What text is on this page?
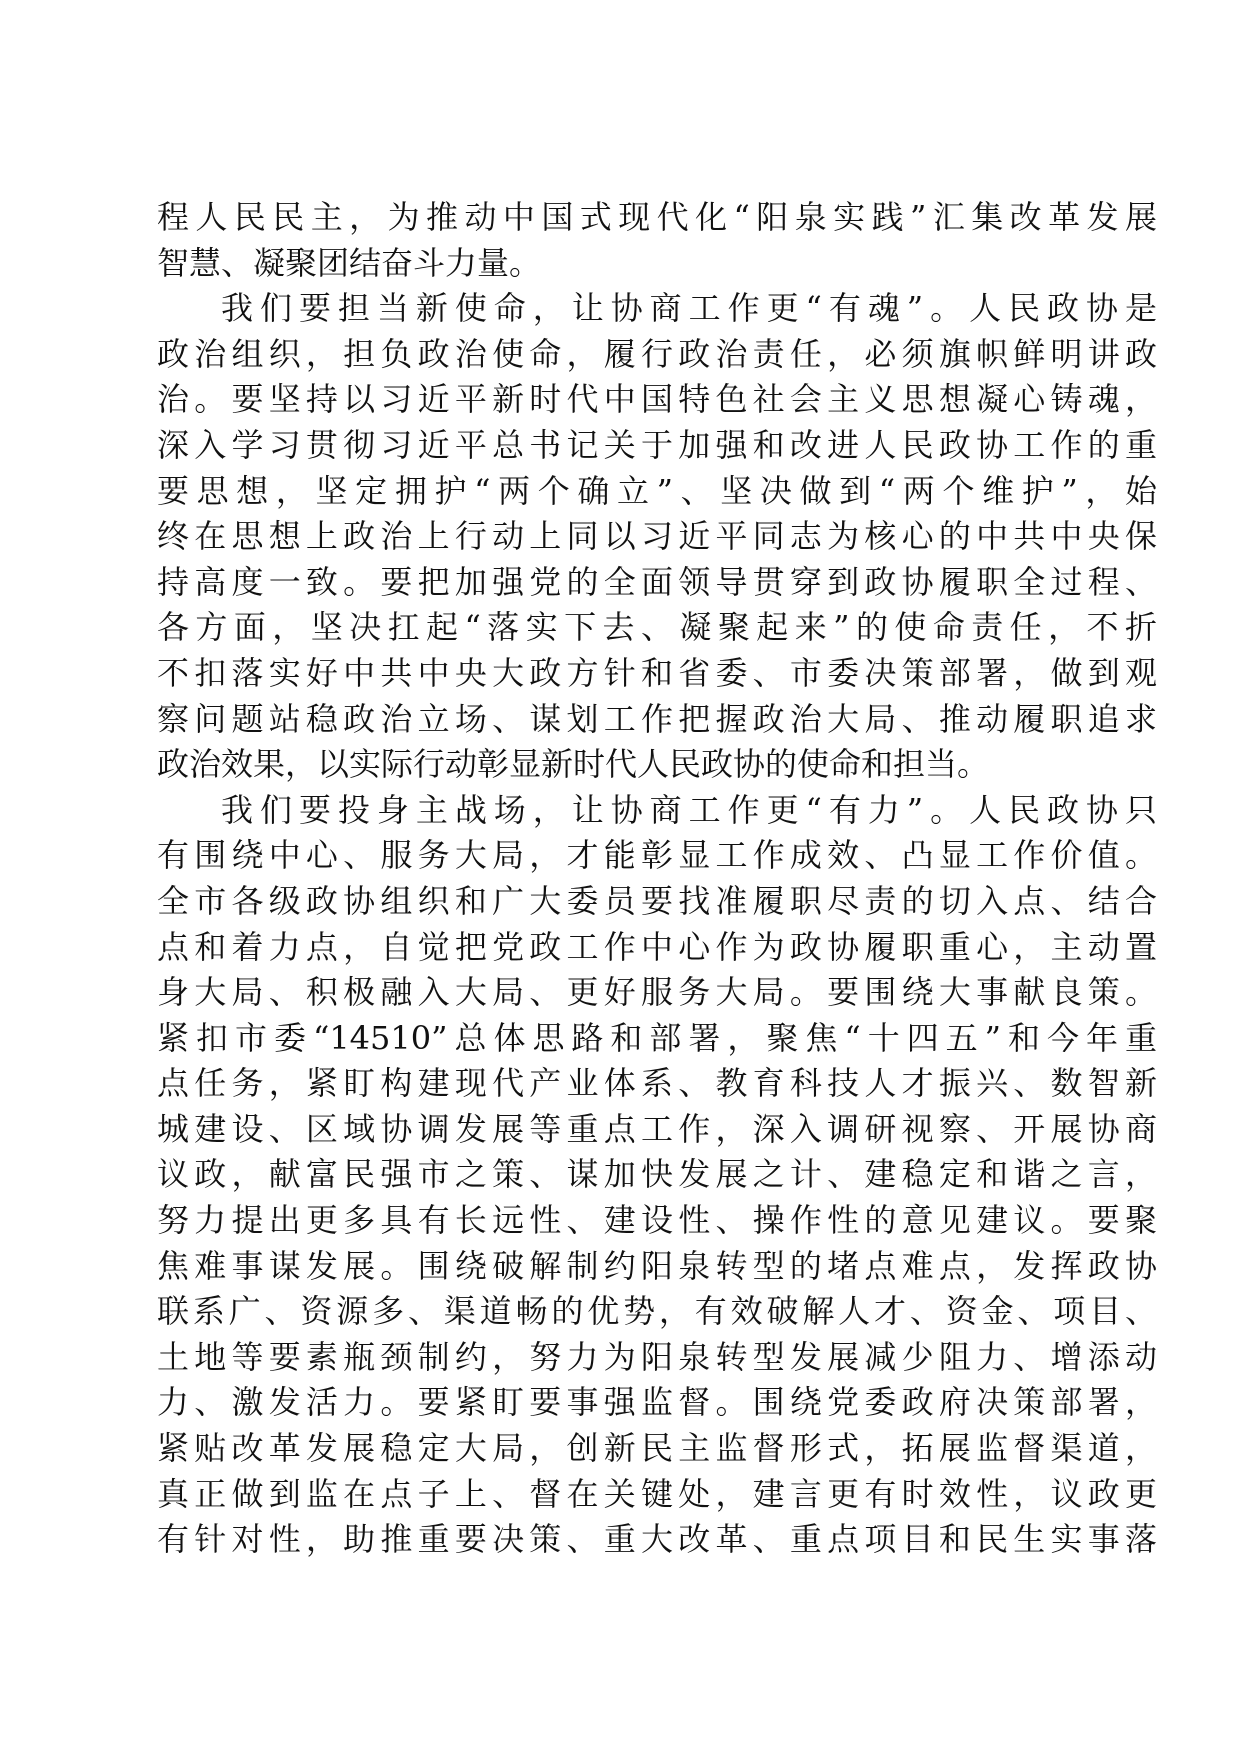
程人民民主，为推动中国式现代化“阳泉实践”汇集改革发展
智慧、凝聚团结奋斗力量。
我们要担当新使命，让协商工作更“有魂”。人民政协是
政治组织，担负政治使命，履行政治责任，必须旗帜鲜明讲政
治。要坚持以习近平新时代中国特色社会主义思想凝心铸魂，
深入学习贯彻习近平总书记关于加强和改进人民政协工作的重
要思想，坚定拥护“两个确立”、坚决做到“两个维护”，始
终在思想上政治上行动上同以习近平同志为核心的中共中央保
持高度一致。要把加强党的全面领导贯穿到政协履职全过程、
各方面，坚决扛起“落实下去、凝聚起来”的使命责任，不折
不扣落实好中共中央大政方针和省委、市委决策部署，做到观
察问题站稳政治立场、谋划工作把握政治大局、推动履职追求
政治效果，以实际行动彰显新时代人民政协的使命和担当。
我们要投身主战场，让协商工作更“有力”。人民政协只
有围绕中心、服务大局，才能彰显工作成效、凸显工作价值。
全市各级政协组织和广大委员要找准履职尽责的切入点、结合
点和着力点，自觉把党政工作中心作为政协履职重心，主动置
身大局、积极融入大局、更好服务大局。要围绕大事献良策。
紧扣市委“14510”总体思路和部署，聚焦“十四五”和今年重
点任务，紧盯构建现代产业体系、教育科技人才振兴、数智新
城建设、区域协调发展等重点工作，深入调研视察、开展协商
议政，献富民强市之策、谋加快发展之计、建稳定和谐之言，
努力提出更多具有长远性、建设性、操作性的意见建议。要聚
焦难事谋发展。围绕破解制约阳泉转型的堵点难点，发挥政协
联系广、资源多、渠道畅的优势，有效破解人才、资金、项目、
土地等要素瓶颈制约，努力为阳泉转型发展减少阻力、增添动
力、激发活力。要紧盯要事强监督。围绕党委政府决策部署，
紧贴改革发展稳定大局，创新民主监督形式，拓展监督渠道，
真正做到监在点子上、督在关键处，建言更有时效性，议政更
有针对性，助推重要决策、重大改革、重点项目和民生实事落
